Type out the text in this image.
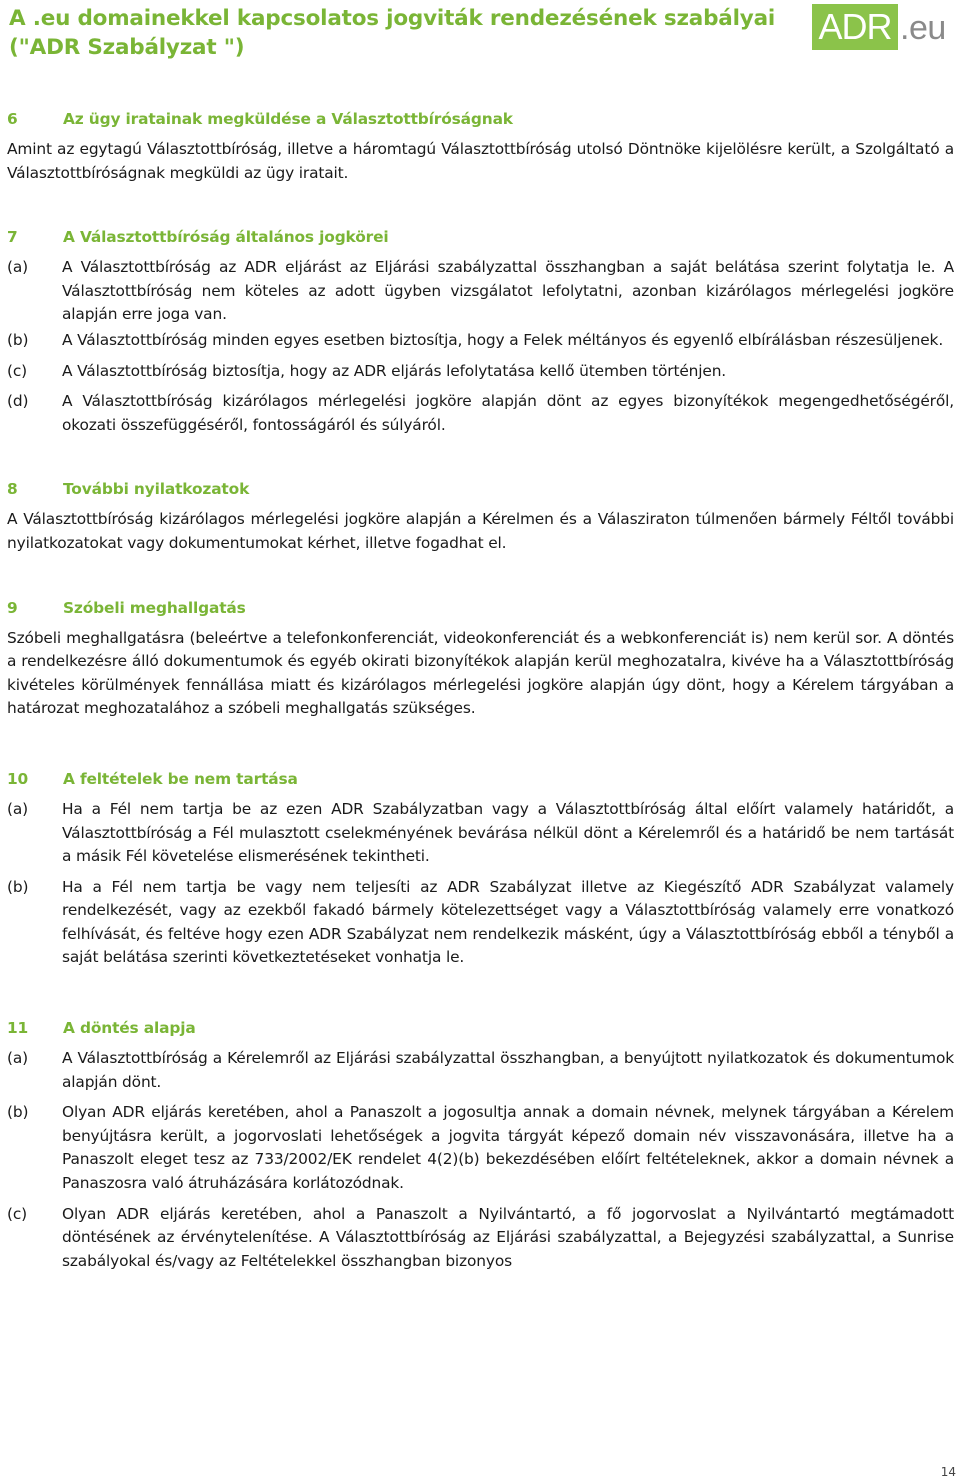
A .eu domainekkel kapcsolatos jogviták rendezésének szabályai ("ADR Szabályzat ")
ADR .eu
6	Az ügy iratainak megküldése a Választottbíróságnak

Amint az egytagú Választottbíróság, illetve a háromtagú Választottbíróság utolsó Döntnöke kijelölésre került, a Szolgáltató a Választottbíróságnak megküldi az ügy iratait.

7	A Választottbíróság általános jogkörei
(a)	A Választottbíróság az ADR eljárást az Eljárási szabályzattal összhangban a saját belátása szerint folytatja le. A Választottbíróság nem köteles az adott ügyben vizsgálatot lefolytatni, azonban kizárólagos mérlegelési jogköre alapján erre joga van.
(b)	A Választottbíróság minden egyes esetben biztosítja, hogy a Felek méltányos és egyenlő elbírálásban részesüljenek.
(c)	A Választottbíróság biztosítja, hogy az ADR eljárás lefolytatása kellő ütemben történjen.
(d)	A Választottbíróság kizárólagos mérlegelési jogköre alapján dönt az egyes bizonyítékok megengedhetőségéről, okozati összefüggéséről, fontosságáról és súlyáról.
8	További nyilatkozatok

A Választottbíróság kizárólagos mérlegelési jogköre alapján a Kérelmen és a Válasziraton túlmenően bármely Féltől további nyilatkozatokat vagy dokumentumokat kérhet, illetve fogadhat el.

9	Szóbeli meghallgatás

Szóbeli meghallgatásra (beleértve a telefonkonferenciát, videokonferenciát és a webkonferenciát is) nem kerül sor. A döntés a rendelkezésre álló dokumentumok és egyéb okirati bizonyítékok alapján kerül meghozatalra, kivéve ha a Választottbíróság kivételes körülmények fennállása miatt és kizárólagos mérlegelési jogköre alapján úgy dönt, hogy a Kérelem tárgyában a határozat meghozatalához a szóbeli meghallgatás szükséges.

10	A feltételek be nem tartása
(a)	Ha a Fél nem tartja be az ezen ADR Szabályzatban vagy a Választottbíróság által előírt valamely határidőt, a Választottbíróság a Fél mulasztott cselekményének bevárása nélkül dönt a Kérelemről és a határidő be nem tartását a másik Fél követelése elismerésének tekintheti.
(b)	Ha a Fél nem tartja be vagy nem teljesíti az ADR Szabályzat illetve az Kiegészítő ADR Szabályzat valamely rendelkezését, vagy az ezekből fakadó bármely kötelezettséget vagy a Választottbíróság valamely erre vonatkozó felhívását, és feltéve hogy ezen ADR Szabályzat nem rendelkezik másként, úgy a Választottbíróság ebből a tényből a saját belátása szerinti következtetéseket vonhatja le.
11	A döntés alapja
(a)	A Választottbíróság a Kérelemről az Eljárási szabályzattal összhangban, a benyújtott nyilatkozatok és dokumentumok alapján dönt.
(b)	Olyan ADR eljárás keretében, ahol a Panaszolt a jogosultja annak a domain névnek, melynek tárgyában a Kérelem benyújtásra került, a jogorvoslati lehetőségek a jogvita tárgyát képező domain név visszavonására, illetve ha a Panaszolt eleget tesz az 733/2002/EK rendelet 4(2)(b) bekezdésében előírt feltételeknek, akkor a domain névnek a Panaszosra való átruházására korlátozódnak.
(c)	Olyan ADR eljárás keretében, ahol a Panaszolt a Nyilvántartó, a fő jogorvoslat a Nyilvántartó megtámadott döntésének az érvénytelenítése. A Választottbíróság az Eljárási szabályzattal, a Bejegyzési szabályzattal, a Sunrise szabályokal és/vagy az Feltételekkel összhangban bizonyos
14
